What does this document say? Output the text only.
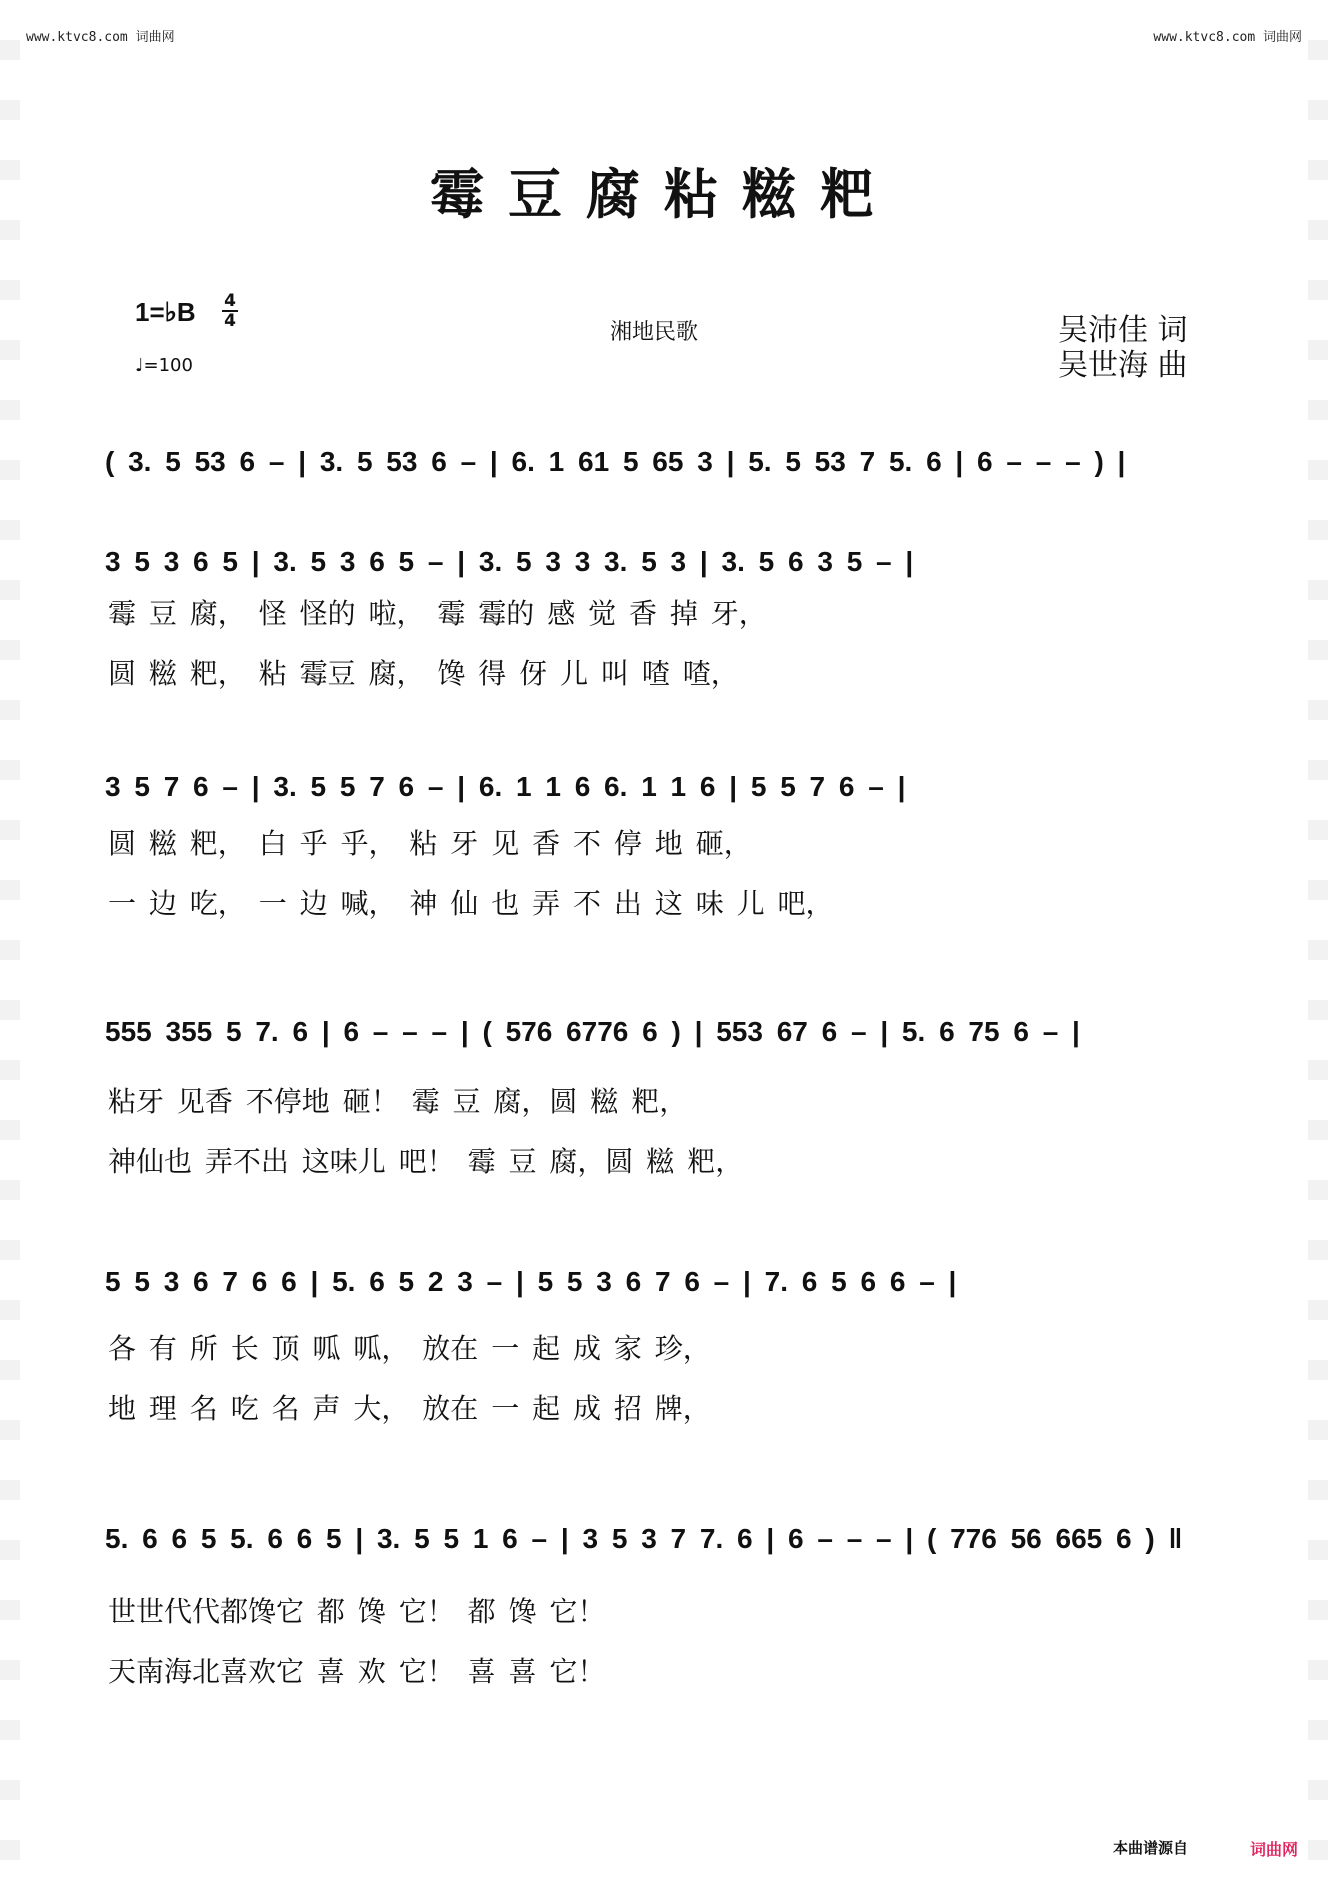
www.ktvc8.com 词曲网	www.ktvc8.com 词曲网
霉豆腐粘糍粑
1=♭B 4
4
♩=100
湘地民歌	吴沛佳 词
吴世海 曲
( 3. 5 53 6 – | 3. 5 53 6 – | 6. 1 61 5 65 3 | 5. 5 53 7 5. 6 | 6 – – – ) |
3 5 3 6 5 | 3. 5 3 6 5 – | 3. 5 3 3 3. 5 3 | 3. 5 6 3 5 – |
霉 豆 腐， 怪 怪的 啦， 霉 霉的 感 觉 香 掉 牙，
圆 糍 粑， 粘 霉豆 腐， 馋 得 伢 儿 叫 喳 喳，
3 5 7 6 – | 3. 5 5 7 6 – | 6. 1 1 6 6. 1 1 6 | 5 5 7 6 – |
圆 糍 粑， 白 乎 乎， 粘 牙 见 香 不 停 地 砸，
一 边 吃， 一 边 喊， 神 仙 也 弄 不 出 这 味 儿 吧，
555 355 5 7. 6 | 6 – – – | ( 576 6776 6 ) | 553 67 6 – | 5. 6 75 6 – |
粘牙 见香 不停地 砸！ 霉 豆 腐，圆 糍 粑，
神仙也 弄不出 这味儿 吧！ 霉 豆 腐，圆 糍 粑，
5 5 3 6 7 6 6 | 5. 6 5 2 3 – | 5 5 3 6 7 6 – | 7. 6 5 6 6 – |
各 有 所 长 顶 呱 呱， 放在 一 起 成 家 珍，
地 理 名 吃 名 声 大， 放在 一 起 成 招 牌，
5. 6 6 5 5. 6 6 5 | 3. 5 5 1 6 – | 3 5 3 7 7. 6 | 6 – – – | ( 776 56 665 6 ) ‖
世世代代都馋它 都 馋 它！ 都 馋 它！
天南海北喜欢它 喜 欢 它！ 喜 喜 它！
本曲谱源自	词曲网
